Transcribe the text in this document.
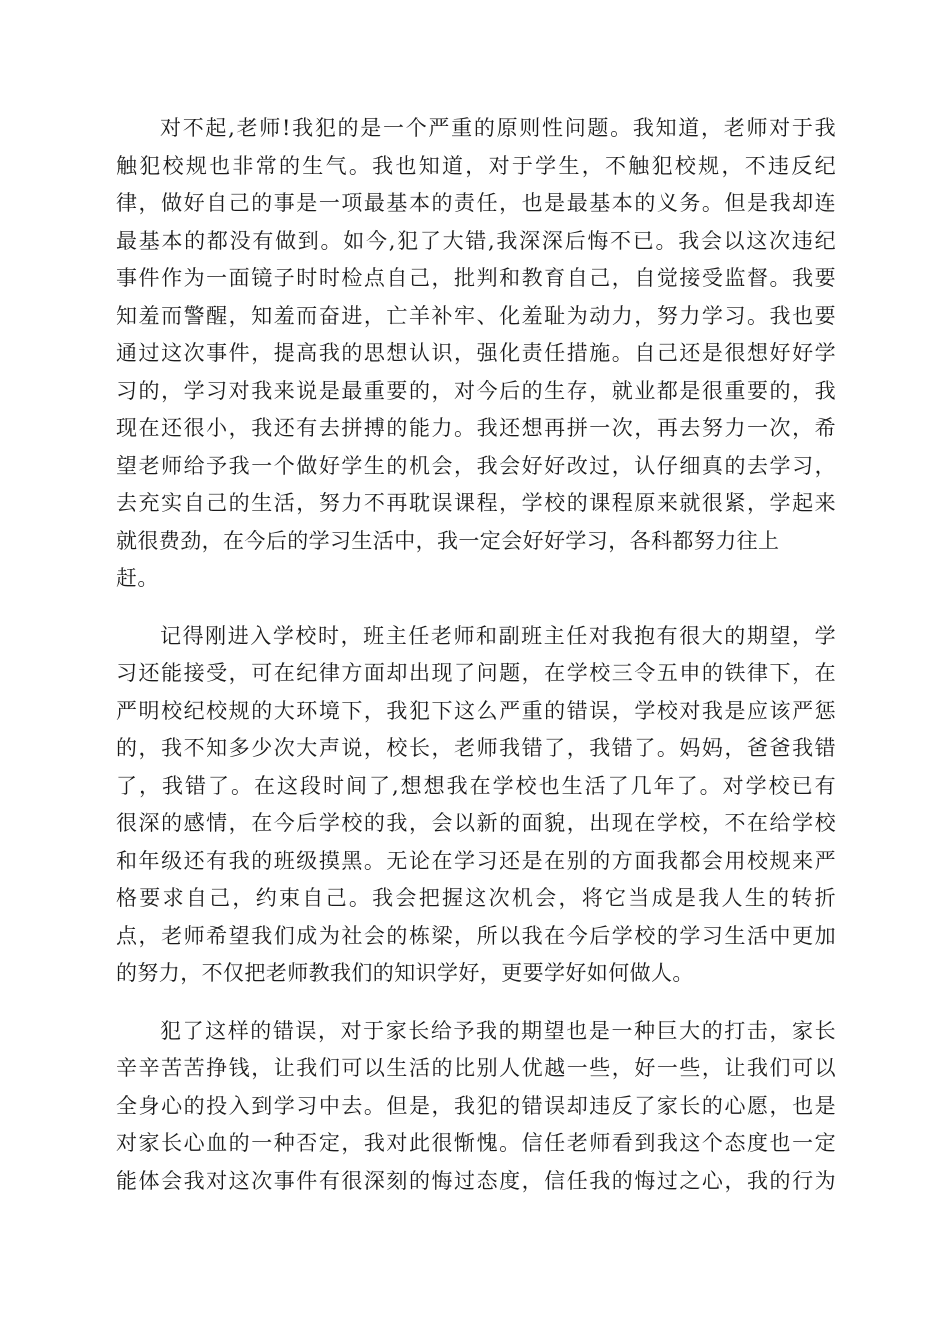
对不起,老师!我犯的是一个严重的原则性问题。我知道，老师对于我
触犯校规也非常的生气。我也知道，对于学生，不触犯校规，不违反纪
律，做好自己的事是一项最基本的责任，也是最基本的义务。但是我却连
最基本的都没有做到。如今,犯了大错,我深深后悔不已。我会以这次违纪
事件作为一面镜子时时检点自己，批判和教育自己，自觉接受监督。我要
知羞而警醒，知羞而奋进，亡羊补牢、化羞耻为动力，努力学习。我也要
通过这次事件，提高我的思想认识，强化责任措施。自己还是很想好好学
习的，学习对我来说是最重要的，对今后的生存，就业都是很重要的，我
现在还很小，我还有去拼搏的能力。我还想再拼一次，再去努力一次，希
望老师给予我一个做好学生的机会，我会好好改过，认仔细真的去学习，
去充实自己的生活，努力不再耽误课程，学校的课程原来就很紧，学起来
就很费劲，在今后的学习生活中，我一定会好好学习，各科都努力往上
赶。
记得刚进入学校时，班主任老师和副班主任对我抱有很大的期望，学
习还能接受，可在纪律方面却出现了问题，在学校三令五申的铁律下，在
严明校纪校规的大环境下，我犯下这么严重的错误，学校对我是应该严惩
的，我不知多少次大声说，校长，老师我错了，我错了。妈妈，爸爸我错
了，我错了。在这段时间了,想想我在学校也生活了几年了。对学校已有
很深的感情，在今后学校的我，会以新的面貌，出现在学校，不在给学校
和年级还有我的班级摸黑。无论在学习还是在别的方面我都会用校规来严
格要求自己，约束自己。我会把握这次机会，将它当成是我人生的转折
点，老师希望我们成为社会的栋梁，所以我在今后学校的学习生活中更加
的努力，不仅把老师教我们的知识学好，更要学好如何做人。
犯了这样的错误，对于家长给予我的期望也是一种巨大的打击，家长
辛辛苦苦挣钱，让我们可以生活的比别人优越一些，好一些，让我们可以
全身心的投入到学习中去。但是，我犯的错误却违反了家长的心愿，也是
对家长心血的一种否定，我对此很惭愧。信任老师看到我这个态度也一定
能体会我对这次事件有很深刻的悔过态度，信任我的悔过之心，我的行为
